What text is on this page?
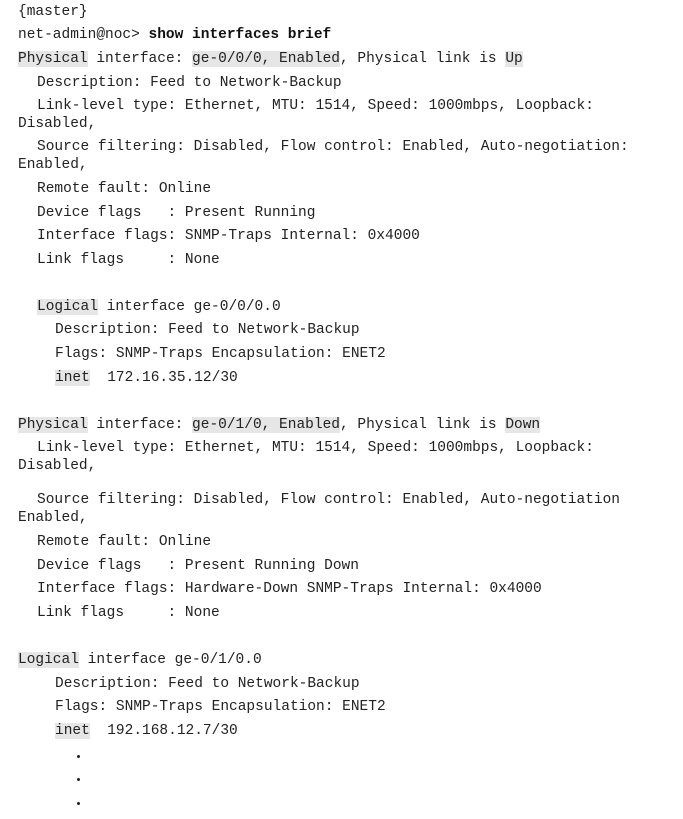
{master}
net-admin@noc> show interfaces brief
Physical interface: ge-0/0/0, Enabled, Physical link is Up
Description: Feed to Network-Backup
Link-level type: Ethernet, MTU: 1514, Speed: 1000mbps, Loopback:
Disabled,
Source filtering: Disabled, Flow control: Enabled, Auto-negotiation:
Enabled,
Remote fault: Online
Device flags   : Present Running
Interface flags: SNMP-Traps Internal: 0x4000
Link flags     : None
Logical interface ge-0/0/0.0
Description: Feed to Network-Backup
Flags: SNMP-Traps Encapsulation: ENET2
inet  172.16.35.12/30
Physical interface: ge-0/1/0, Enabled, Physical link is Down
Link-level type: Ethernet, MTU: 1514, Speed: 1000mbps, Loopback:
Disabled,
Source filtering: Disabled, Flow control: Enabled, Auto-negotiation
Enabled,
Remote fault: Online
Device flags   : Present Running Down
Interface flags: Hardware-Down SNMP-Traps Internal: 0x4000
Link flags     : None
Logical interface ge-0/1/0.0
Description: Feed to Network-Backup
Flags: SNMP-Traps Encapsulation: ENET2
inet  192.168.12.7/30
